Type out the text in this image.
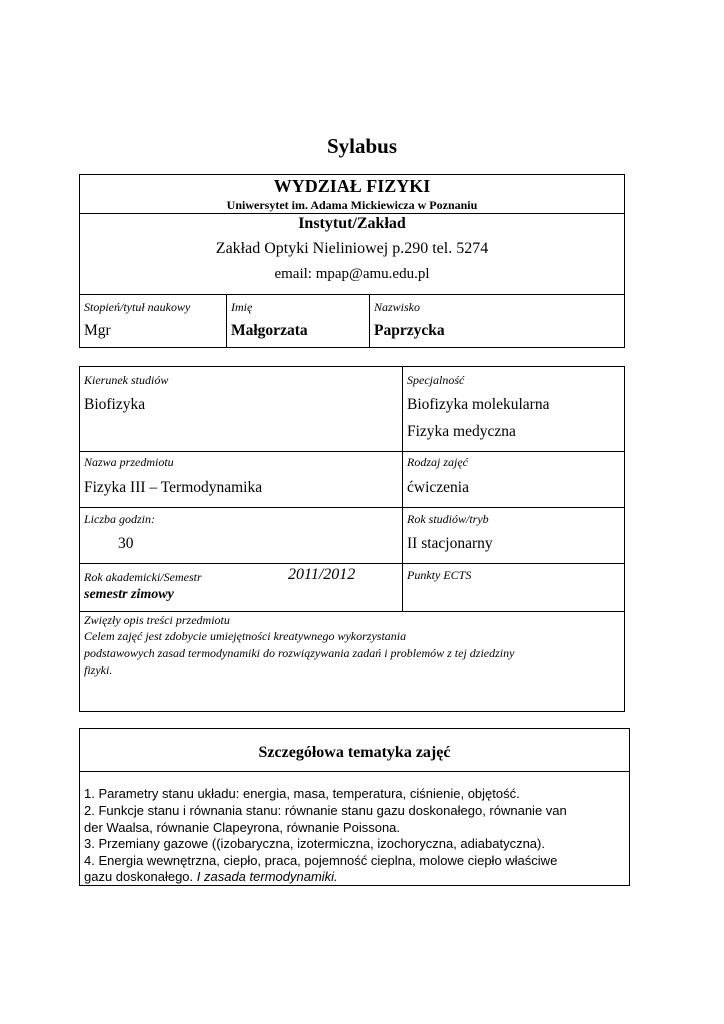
Sylabus
WYDZIAŁ FIZYKI
Uniwersytet im. Adama Mickiewicza w Poznaniu
Instytut/Zakład
Zakład Optyki Nieliniowej p.290 tel. 5274
email: mpap@amu.edu.pl
Stopień/tytuł naukowy
Mgr
Imię
Małgorzata
Nazwisko
Paprzycka
Kierunek studiów
Biofizyka
Specjalność
Biofizyka molekularna
Fizyka medyczna
Nazwa przedmiotu
Fizyka III – Termodynamika
Rodzaj zajęć
ćwiczenia
Liczba godzin:
30
Rok studiów/tryb
II stacjonarny
Rok akademicki/Semestr	2011/2012
semestr zimowy
Punkty ECTS
Zwięzły opis treści przedmiotu
Celem zajęć jest zdobycie umiejętności kreatywnego wykorzystania
podstawowych zasad termodynamiki do rozwiązywania zadań i problemów z tej dziedziny
fizyki.
Szczegółowa tematyka zajęć
1. Parametry stanu układu: energia, masa, temperatura, ciśnienie, objętość.
2. Funkcje stanu i równania stanu: równanie stanu gazu doskonałego, równanie van
der Waalsa, równanie Clapeyrona, równanie Poissona.
3. Przemiany gazowe ((izobaryczna, izotermiczna, izochoryczna, adiabatyczna).
4. Energia wewnętrzna, ciepło, praca, pojemność cieplna, molowe ciepło właściwe
gazu doskonałego. I zasada termodynamiki.
